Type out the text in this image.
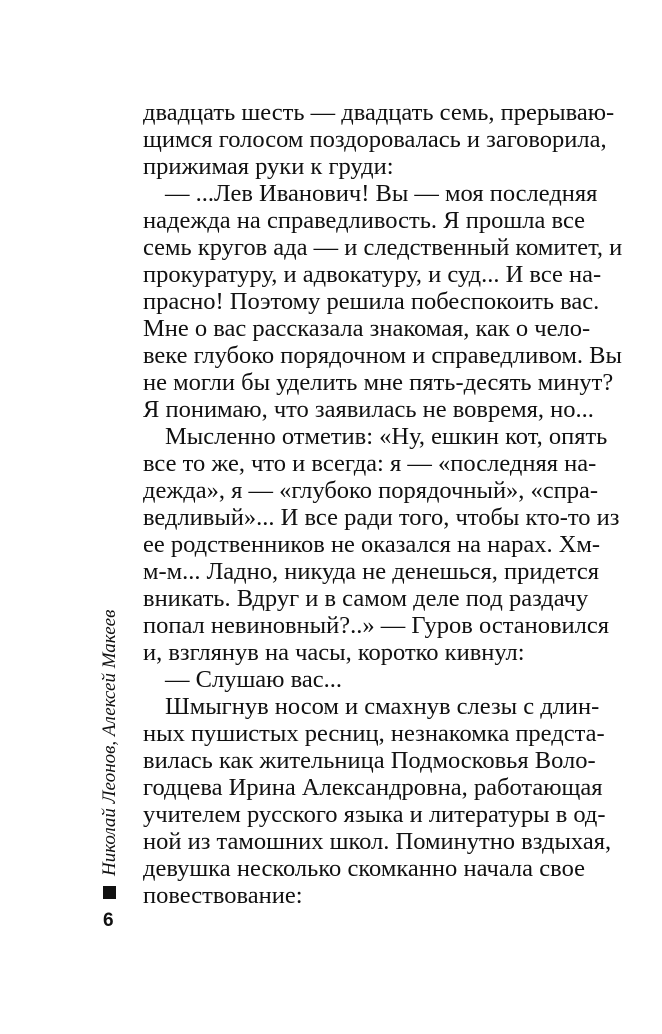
двадцать шесть — двадцать семь, прерываю-
щимся голосом поздоровалась и заговорила,
прижимая руки к груди:
— ...Лев Иванович! Вы — моя последняя
надежда на справедливость. Я прошла все
семь кругов ада — и следственный комитет, и
прокуратуру, и адвокатуру, и суд... И все на-
прасно! Поэтому решила побеспокоить вас.
Мне о вас рассказала знакомая, как о чело-
веке глубоко порядочном и справедливом. Вы
не могли бы уделить мне пять-десять минут?
Я понимаю, что заявилась не вовремя, но...
Мысленно отметив: «Ну, ешкин кот, опять
все то же, что и всегда: я — «последняя на-
дежда», я — «глубоко порядочный», «спра-
ведливый»... И все ради того, чтобы кто-то из
ее родственников не оказался на нарах. Хм-
м-м... Ладно, никуда не денешься, придется
вникать. Вдруг и в самом деле под раздачу
попал невиновный?..» — Гуров остановился
и, взглянув на часы, коротко кивнул:
— Слушаю вас...
Шмыгнув носом и смахнув слезы с длин-
ных пушистых ресниц, незнакомка предста-
вилась как жительница Подмосковья Воло-
годцева Ирина Александровна, работающая
учителем русского языка и литературы в од-
ной из тамошних школ. Поминутно вздыхая,
девушка несколько скомканно начала свое
повествование:
Николай Леонов, Алексей Макеев
6
